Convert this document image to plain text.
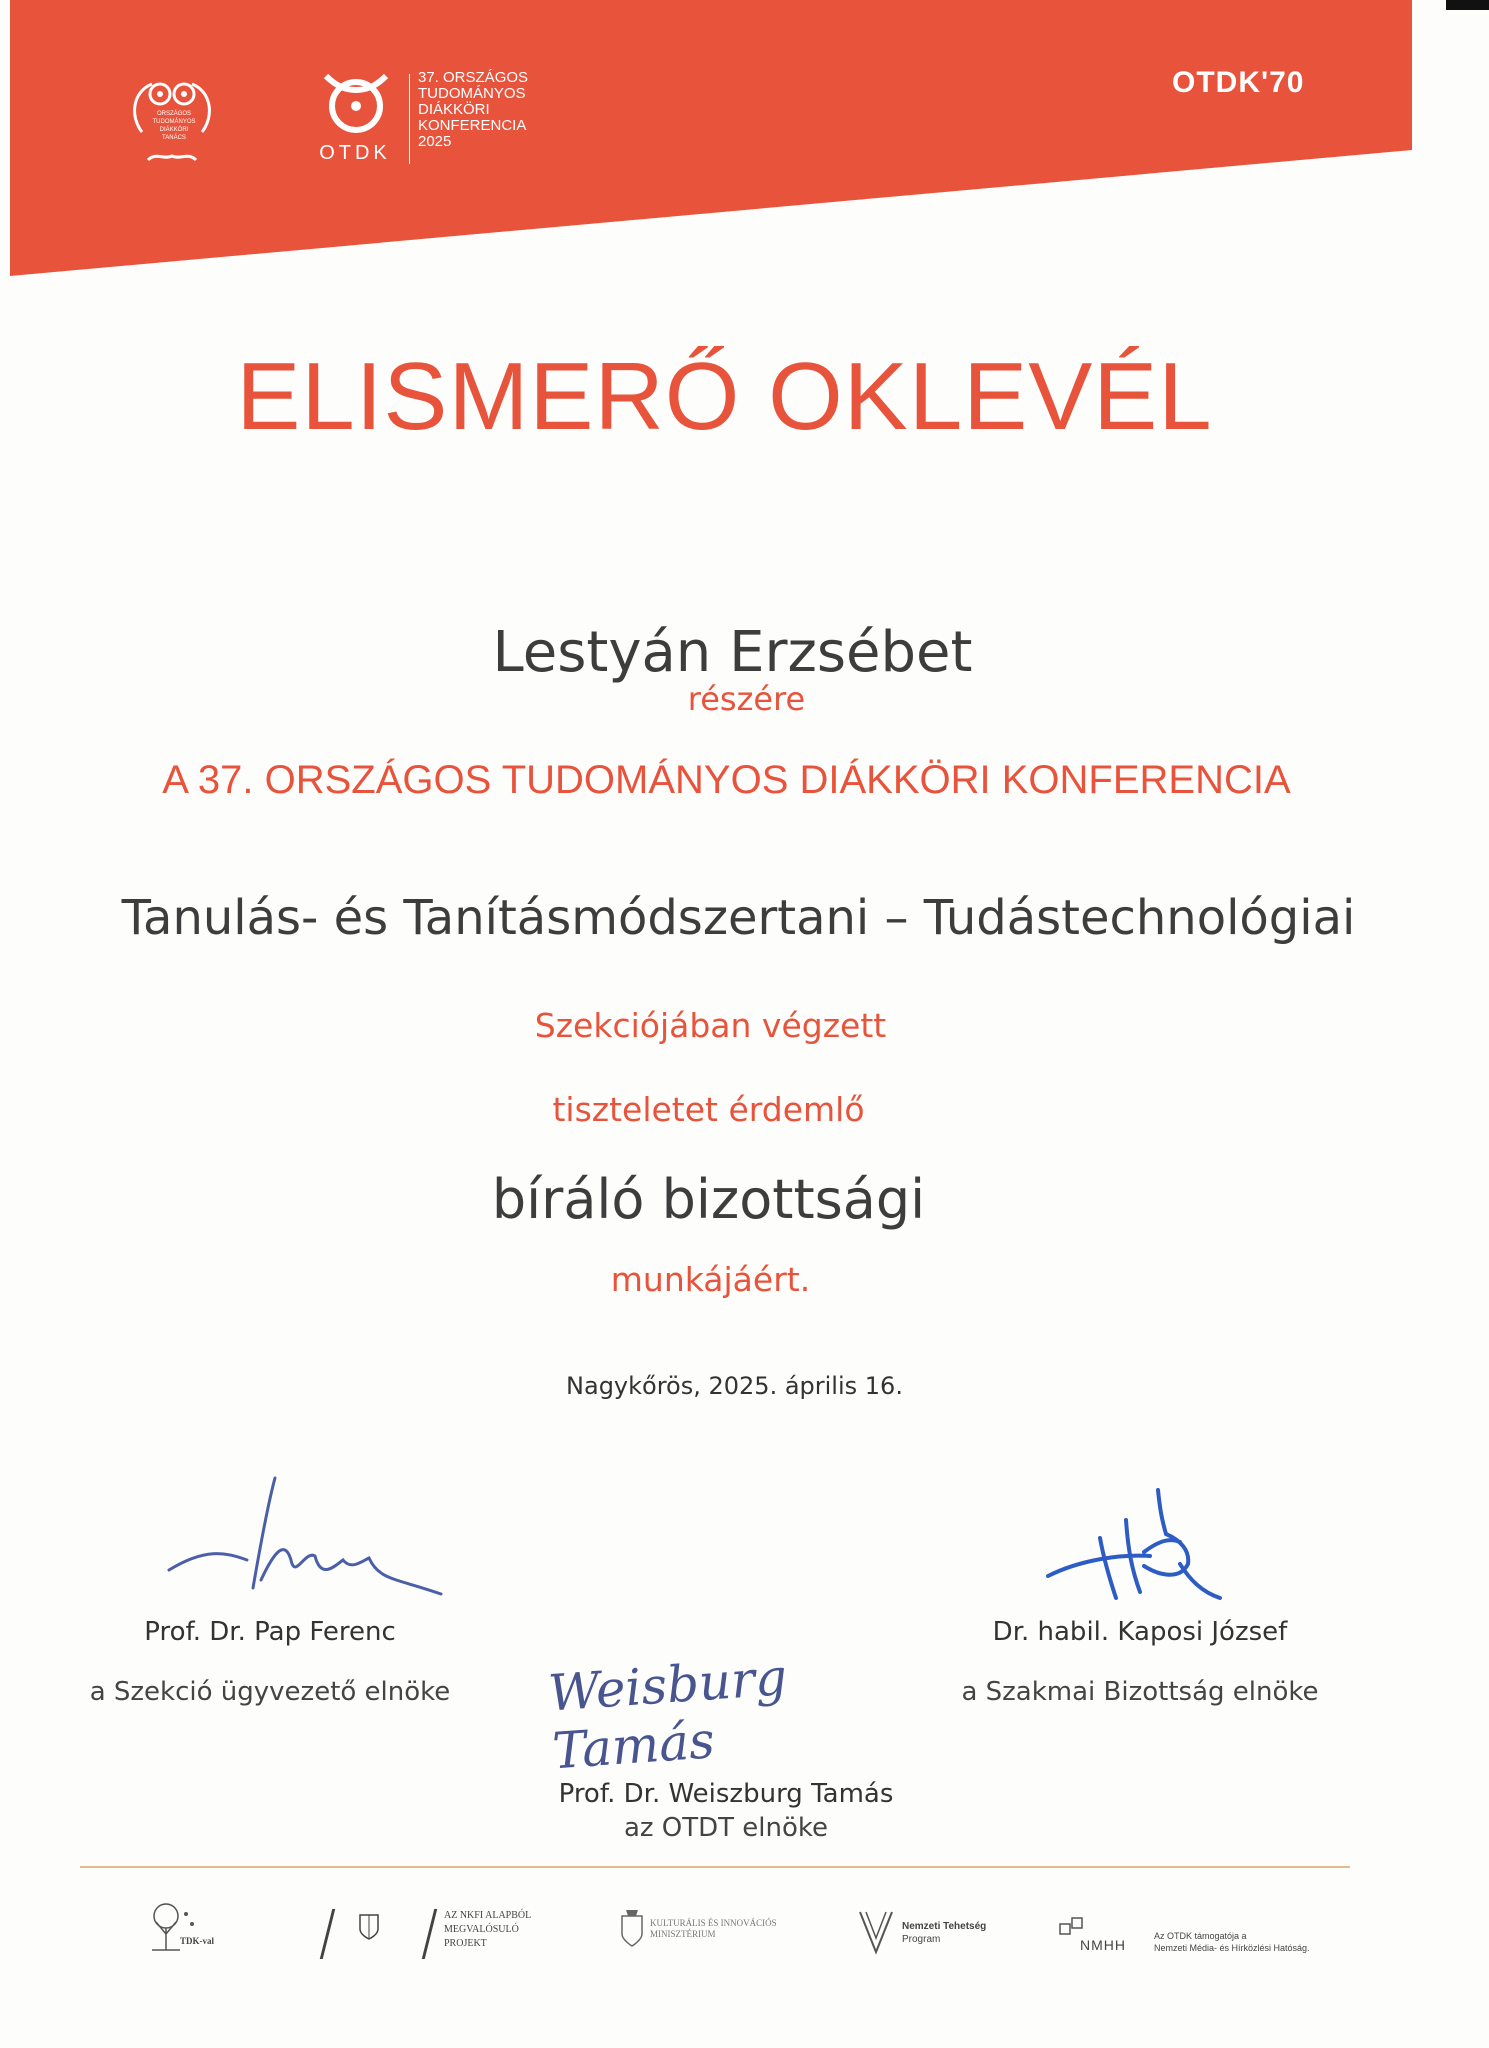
ORSZÁGOS
TUDOMÁNYOS
DIÁKKÖRI
TANÁCS
OTDK
37. ORSZÁGOS
TUDOMÁNYOS
DIÁKKÖRI
KONFERENCIA
2025
OTDK'70
ELISMERŐ OKLEVÉL
Lestyán Erzsébet
részére
A 37. ORSZÁGOS TUDOMÁNYOS DIÁKKÖRI KONFERENCIA
Tanulás- és Tanításmódszertani – Tudástechnológiai
Szekciójában végzett
tiszteletet érdemlő
bíráló bizottsági
munkájáért.
Nagykőrös, 2025. április 16.
Prof. Dr. Pap Ferenc
a Szekció ügyvezető elnöke
Dr. habil. Kaposi József
a Szakmai Bizottság elnöke
Weisburg Tamás
Prof. Dr. Weiszburg Tamás
az OTDT elnöke
TDK-val
AZ NKFI ALAPBÓL
MEGVALÓSULÓ
PROJEKT
KULTURÁLIS ÉS INNOVÁCIÓS
MINISZTÉRIUM
Nemzeti Tehetség
Program	NMHH
Az OTDK támogatója a
Nemzeti Média- és Hírközlési Hatóság.
